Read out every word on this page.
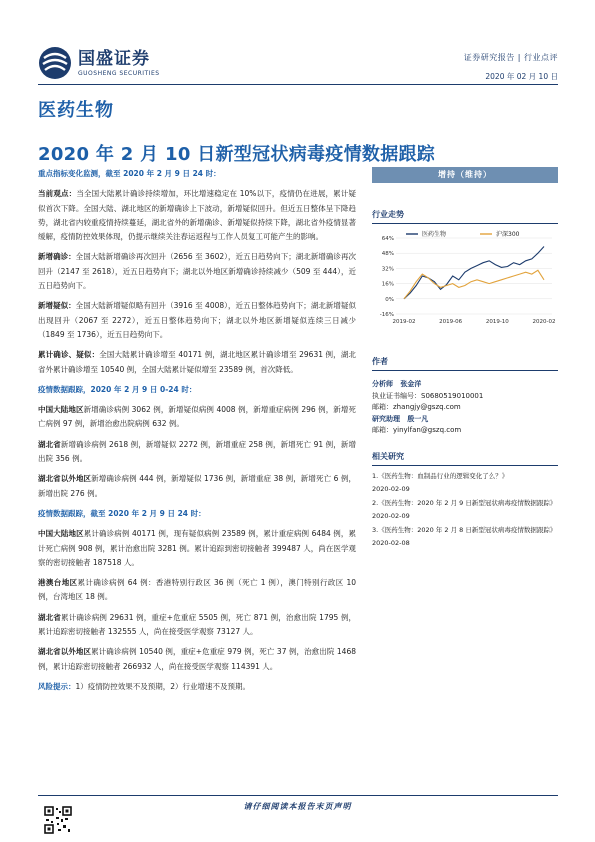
国盛证券
GUOSHENG SECURITIES
证券研究报告 | 行业点评
2020 年 02 月 10 日
医药生物
2020 年 2 月 10 日新型冠状病毒疫情数据跟踪

重点指标变化监测，截至 2020 年 2 月 9 日 24 时：

当前观点：当全国大陆累计确诊持续增加，环比增速稳定在 10%以下，疫情仍在进展，累计疑似首次下降。全国大陆、湖北地区的新增确诊上下波动，新增疑似回升。但近五日整体呈下降趋势，湖北省内较重疫情持续蔓延，湖北省外的新增确诊、新增疑似持续下降，湖北省外疫情显著缓解，疫情防控效果体现，仍提示继续关注春运返程与工作人员复工可能产生的影响。

新增确诊：全国大陆新增确诊再次回升（2656 至 3602），近五日趋势向下；湖北新增确诊再次回升（2147 至 2618），近五日趋势向下；湖北以外地区新增确诊持续减少（509 至 444），近五日趋势向下。

新增疑似：全国大陆新增疑似略有回升（3916 至 4008），近五日整体趋势向下；湖北新增疑似出现回升（2067 至 2272），近五日整体趋势向下；湖北以外地区新增疑似连续三日减少（1849 至 1736），近五日趋势向下。

累计确诊、疑似：全国大陆累计确诊增至 40171 例，湖北地区累计确诊增至 29631 例，湖北省外累计确诊增至 10540 例，全国大陆累计疑似增至 23589 例，首次降低。

疫情数据跟踪，2020 年 2 月 9 日 0-24 时：

中国大陆地区新增确诊病例 3062 例，新增疑似病例 4008 例，新增重症病例 296 例，新增死亡病例 97 例，新增治愈出院病例 632 例。

湖北省新增确诊病例 2618 例，新增疑似 2272 例，新增重症 258 例，新增死亡 91 例，新增出院 356 例。

湖北省以外地区新增确诊病例 444 例，新增疑似 1736 例，新增重症 38 例，新增死亡 6 例，新增出院 276 例。

疫情数据跟踪，截至 2020 年 2 月 9 日 24 时：

中国大陆地区累计确诊病例 40171 例，现有疑似病例 23589 例，累计重症病例 6484 例，累计死亡病例 908 例，累计治愈出院 3281 例。累计追踪到密切接触者 399487 人，尚在医学观察的密切接触者 187518 人。

港澳台地区累计确诊病例 64 例：香港特别行政区 36 例（死亡 1 例），澳门特别行政区 10 例，台湾地区 18 例。

湖北省累计确诊病例 29631 例，重症+危重症 5505 例，死亡 871 例，治愈出院 1795 例，累计追踪密切接触者 132555 人，尚在接受医学观察 73127 人。

湖北省以外地区累计确诊病例 10540 例，重症+危重症 979 例，死亡 37 例，治愈出院 1468 例，累计追踪密切接触者 266932 人，尚在接受医学观察 114391 人。

风险提示：1）疫情防控效果不及预期，2）行业增速不及预期。

增持（维持）
行业走势
-16%
0%
16%
32%
48%
64%
2019-02	2019-06	2019-10	2020-02
医药生物	沪深300
作者
分析师 张金洋
执业证书编号：S0680519010001
邮箱：zhangjy@gszq.com
研究助理 殷一凡
邮箱：yinylfan@gszq.com
相关研究
1.《医药生物：血制品行业的逻辑变化了么？》
2020-02-09
2.《医药生物：2020 年 2 月 9 日新型冠状病毒疫情数据跟踪》
2020-02-09
3.《医药生物：2020 年 2 月 8 日新型冠状病毒疫情数据跟踪》
2020-02-08
请仔细阅读本报告末页声明
